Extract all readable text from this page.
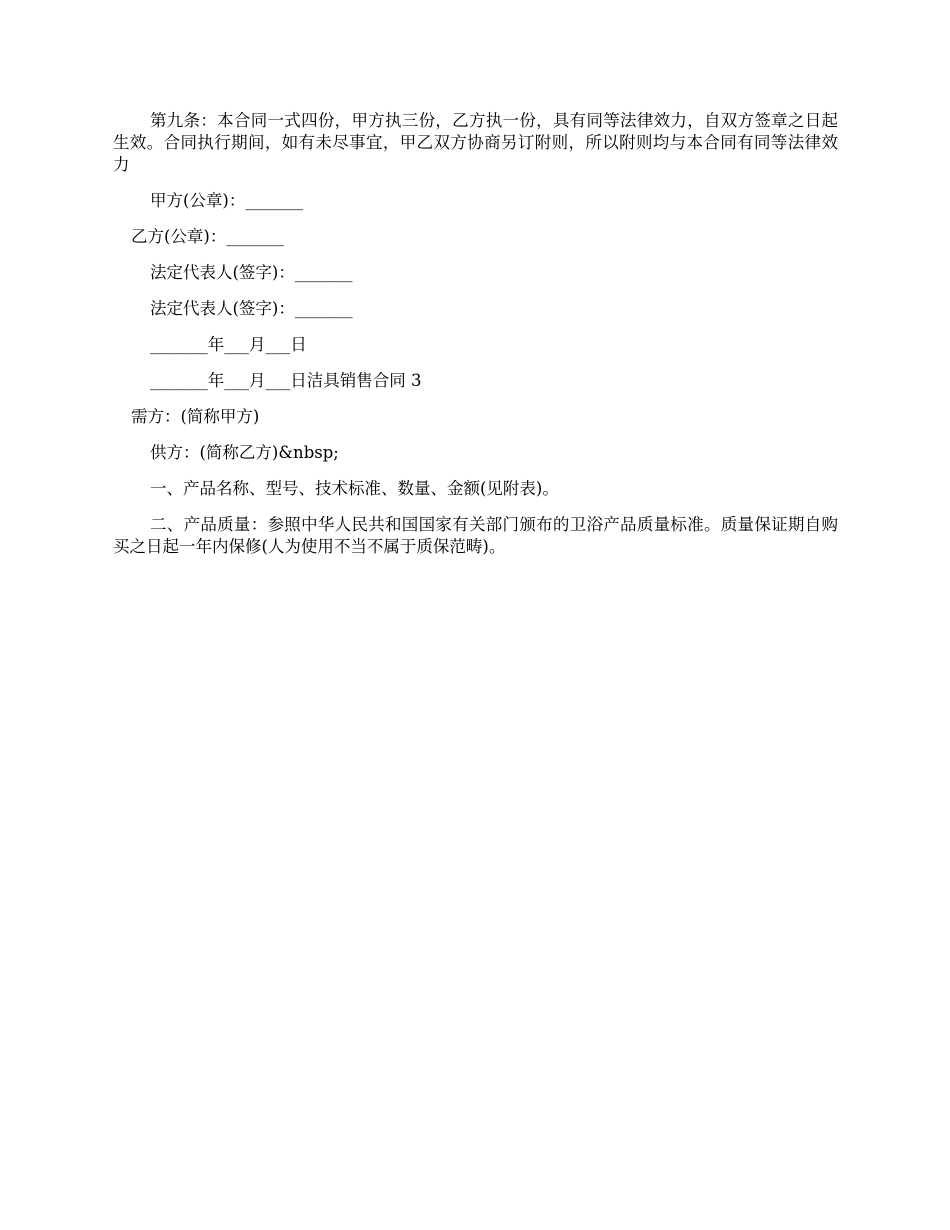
第九条：本合同一式四份，甲方执三份，乙方执一份，具有同等法律效力，自双方签章之日起生效。合同执行期间，如有未尽事宜，甲乙双方协商另订附则，所以附则均与本合同有同等法律效力

甲方(公章)：_______

乙方(公章)：_______

法定代表人(签字)：_______

法定代表人(签字)：_______

_______年___月___日

_______年___月___日洁具销售合同 3

需方：(简称甲方)

供方：(简称乙方)&nbsp;

一、产品名称、型号、技术标准、数量、金额(见附表)。

二、产品质量：参照中华人民共和国国家有关部门颁布的卫浴产品质量标准。质量保证期自购买之日起一年内保修(人为使用不当不属于质保范畴)。
